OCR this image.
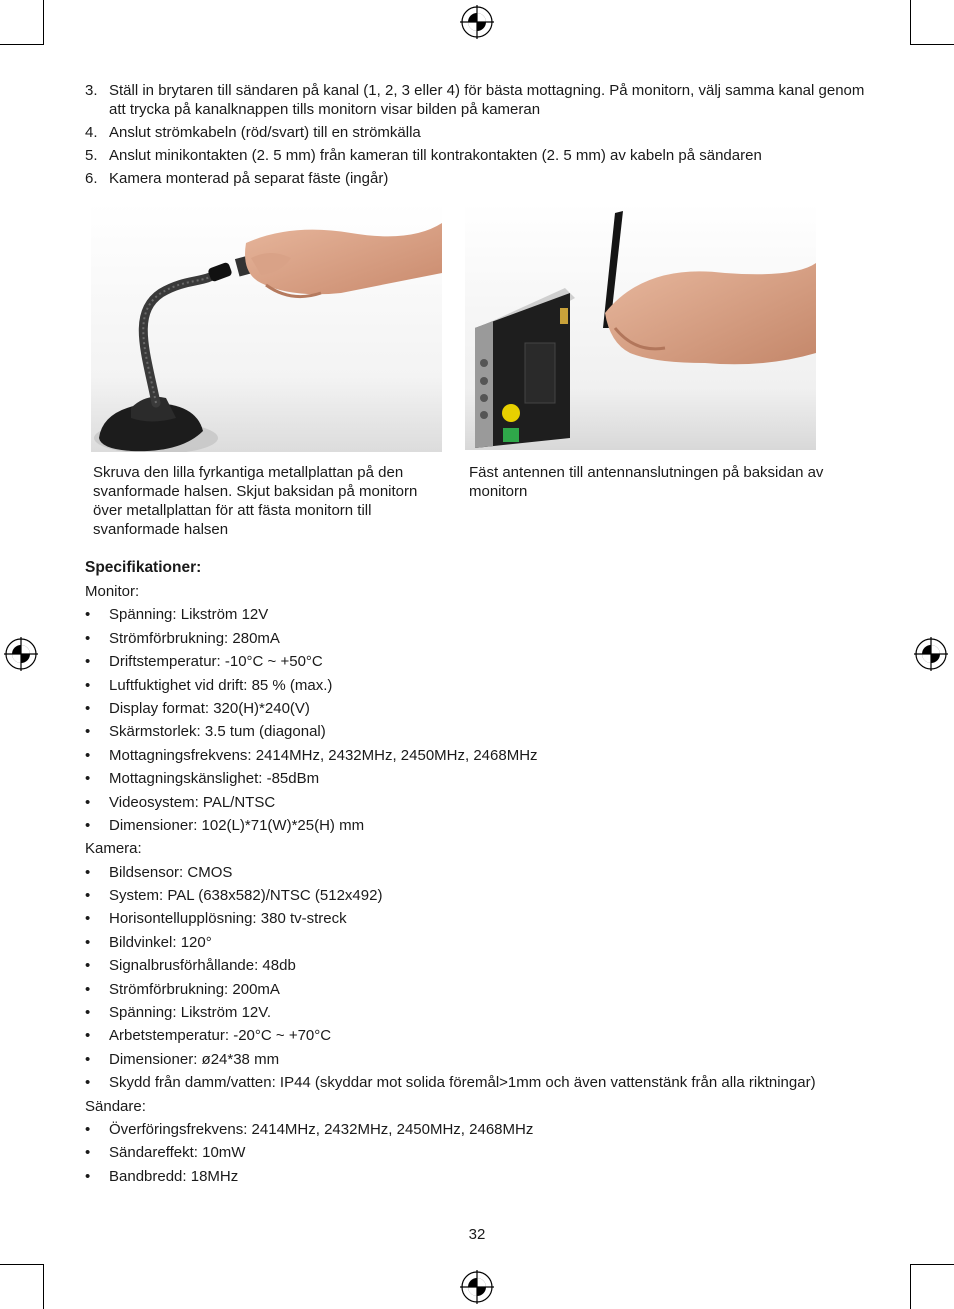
3. Ställ in brytaren till sändaren på kanal (1, 2, 3 eller 4) för bästa mottagning. På monitorn, välj samma kanal genom att trycka på kanalknappen tills monitorn visar bilden på kameran
4. Anslut strömkabeln (röd/svart) till en strömkälla
5. Anslut minikontakten (2. 5 mm) från kameran till kontrakontakten (2. 5 mm) av kabeln på sändaren
6. Kamera monterad på separat fäste (ingår)
Skruva den lilla fyrkantiga metallplattan på den svanformade halsen. Skjut baksidan på monitorn över metallplattan för att fästa monitorn till svanformade halsen
Fäst antennen till antennanslutningen på baksidan av monitorn
Specifikationer:
Monitor:
• Spänning: Likström 12V
• Strömförbrukning: 280mA
• Driftstemperatur: -10°C ~ +50°C
• Luftfuktighet vid drift: 85 % (max.)
• Display format: 320(H)*240(V)
• Skärmstorlek: 3.5 tum (diagonal)
• Mottagningsfrekvens: 2414MHz, 2432MHz, 2450MHz, 2468MHz
• Mottagningskänslighet: -85dBm
• Videosystem: PAL/NTSC
• Dimensioner: 102(L)*71(W)*25(H) mm
Kamera:
• Bildsensor: CMOS
• System: PAL (638x582)/NTSC (512x492)
• Horisontellupplösning: 380 tv-streck
• Bildvinkel: 120°
• Signalbrusförhållande: 48db
• Strömförbrukning: 200mA
• Spänning: Likström 12V.
• Arbetstemperatur: -20°C ~ +70°C
• Dimensioner: ø24*38 mm
• Skydd från damm/vatten: IP44 (skyddar mot solida föremål>1mm och även vattenstänk från alla riktningar)
Sändare:
• Överföringsfrekvens: 2414MHz, 2432MHz, 2450MHz, 2468MHz
• Sändareffekt: 10mW
• Bandbredd: 18MHz
32
